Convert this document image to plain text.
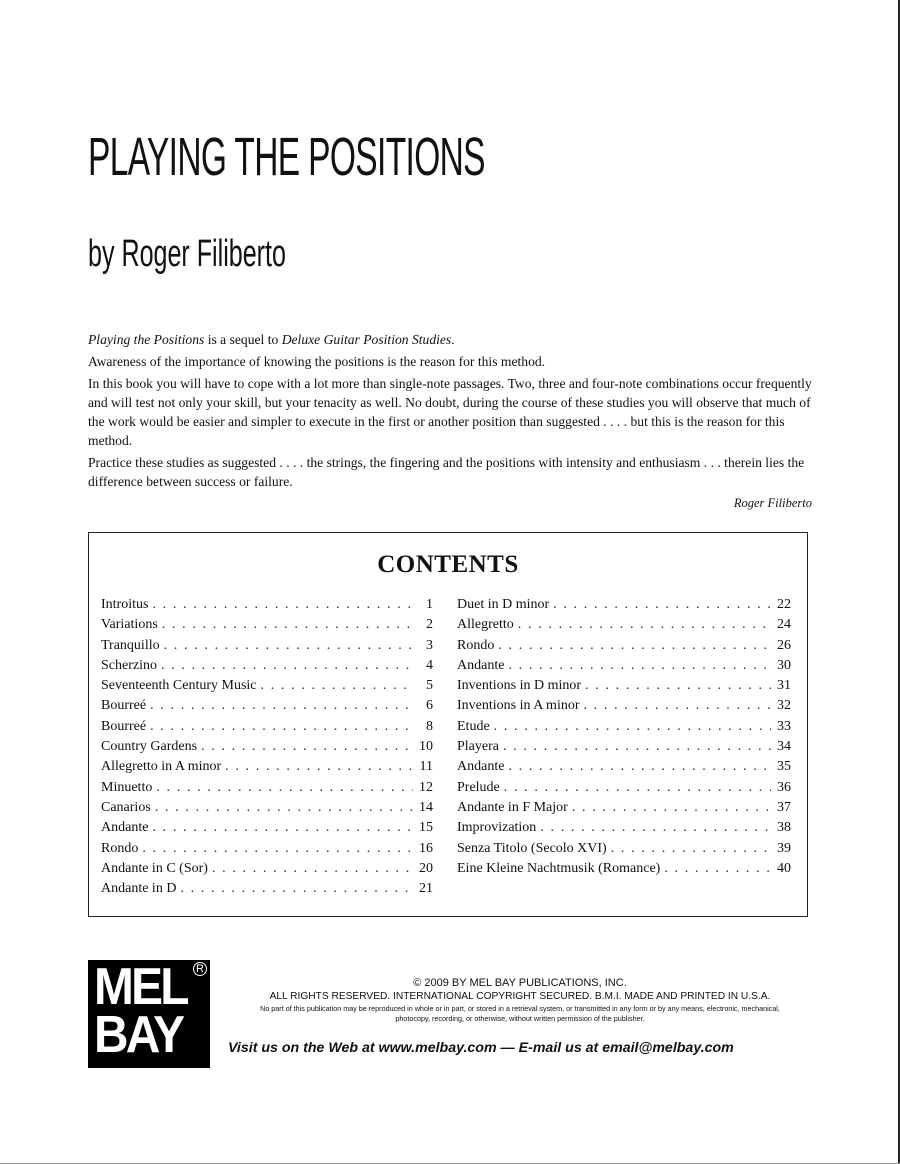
PLAYING THE POSITIONS
by Roger Filiberto

Playing the Positions is a sequel to Deluxe Guitar Position Studies.

Awareness of the importance of knowing the positions is the reason for this method.

In this book you will have to cope with a lot more than single-note passages. Two, three and four-note combinations occur frequently and will test not only your skill, but your tenacity as well. No doubt, during the course of these studies you will observe that much of the work would be easier and simpler to execute in the first or another position than suggested . . . . but this is the reason for this method.

Practice these studies as suggested . . . . the strings, the fingering and the positions with intensity and enthusiasm . . . therein lies the difference between success or failure.

Roger Filiberto

CONTENTS
Introitus . . .	1
Variations . . .	2
Tranquillo . . .	3
Scherzino . . .	4
Seventeenth Century Music . . .	5
Bourreé . . .	6
Bourreé . . .	8
Country Gardens . . .	10
Allegretto in A minor . . .	11
Minuetto . . .	12
Canarios . . .	14
Andante . . .	15
Rondo . . .	16
Andante in C (Sor) . . .	20
Andante in D . . .	21
Duet in D minor . . .	22
Allegretto . . .	24
Rondo . . .	26
Andante . . .	30
Inventions in D minor . . .	31
Inventions in A minor . . .	32
Etude . . .	33
Playera . . .	34
Andante . . .	35
Prelude . . .	36
Andante in F Major . . .	37
Improvization . . .	38
Senza Titolo (Secolo XVI) . . .	39
Eine Kleine Nachtmusik (Romance) . . .	40
MEL
BAY
R
© 2009 BY MEL BAY PUBLICATIONS, INC.
ALL RIGHTS RESERVED. INTERNATIONAL COPYRIGHT SECURED. B.M.I. MADE AND PRINTED IN U.S.A.
No part of this publication may be reproduced in whole or in part, or stored in a retrieval system, or transmitted in any form or by any means, electronic, mechanical, photocopy, recording, or otherwise, without written permission of the publisher.
Visit us on the Web at www.melbay.com — E-mail us at email@melbay.com
